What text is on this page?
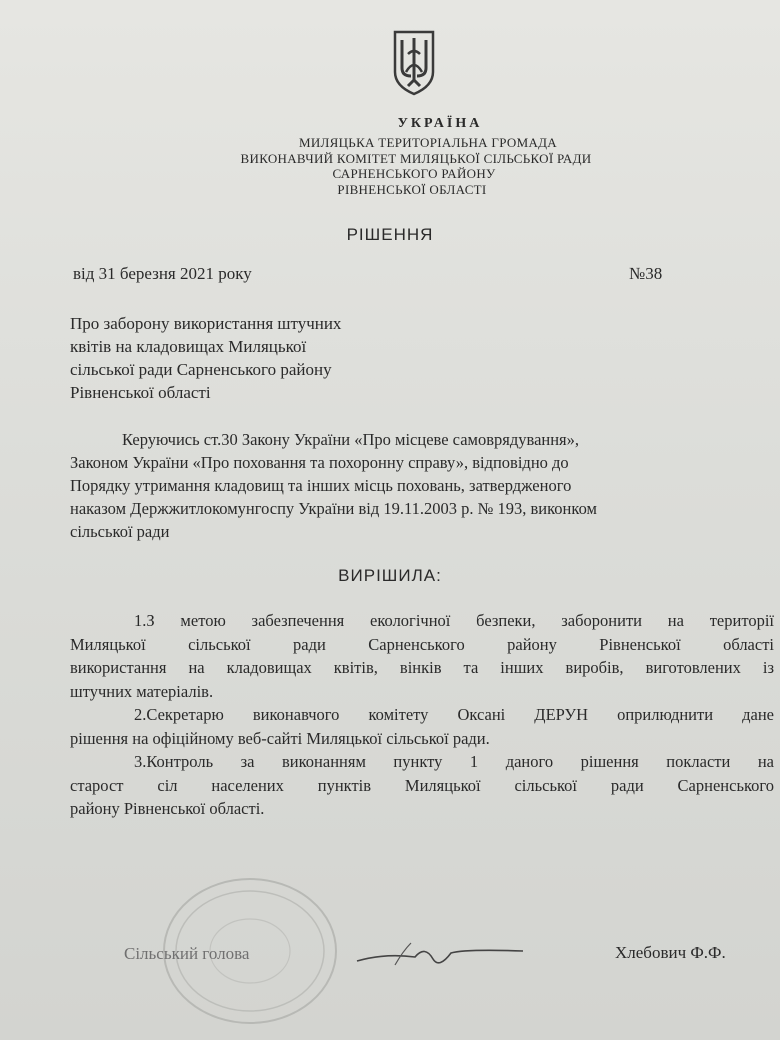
УКРАЇНА
МИЛЯЦЬКА ТЕРИТОРІАЛЬНА ГРОМАДА
ВИКОНАВЧИЙ КОМІТЕТ МИЛЯЦЬКОЇ СІЛЬСЬКОЇ РАДИ
САРНЕНСЬКОГО РАЙОНУ
РІВНЕНСЬКОЇ ОБЛАСТІ
РІШЕННЯ
від 31 березня 2021 року	№38
Про заборону використання штучних
квітів на кладовищах Миляцької
сільської ради Сарненського району
Рівненської області
Керуючись ст.30 Закону України «Про місцеве самоврядування»,
Законом України «Про поховання та похоронну справу», відповідно до
Порядку утримання кладовищ та інших місць поховань, затвердженого
наказом Держжитлокомунгоспу України від 19.11.2003 р. № 193, виконком
сільської ради
ВИРІШИЛА:
1.З метою забезпечення екологічної безпеки, заборонити на території
Миляцької сільської ради Сарненського району Рівненської області
використання на кладовищах квітів, вінків та інших виробів, виготовлених із
штучних матеріалів.
2.Секретарю виконавчого комітету Оксані ДЕРУН оприлюднити дане
рішення на офіційному веб-сайті Миляцької сільської ради.
3.Контроль за виконанням пункту 1 даного рішення покласти на
старост сіл населених пунктів Миляцької сільської ради Сарненського
району Рівненської області.
Сільський голова	Хлебович Ф.Ф.
